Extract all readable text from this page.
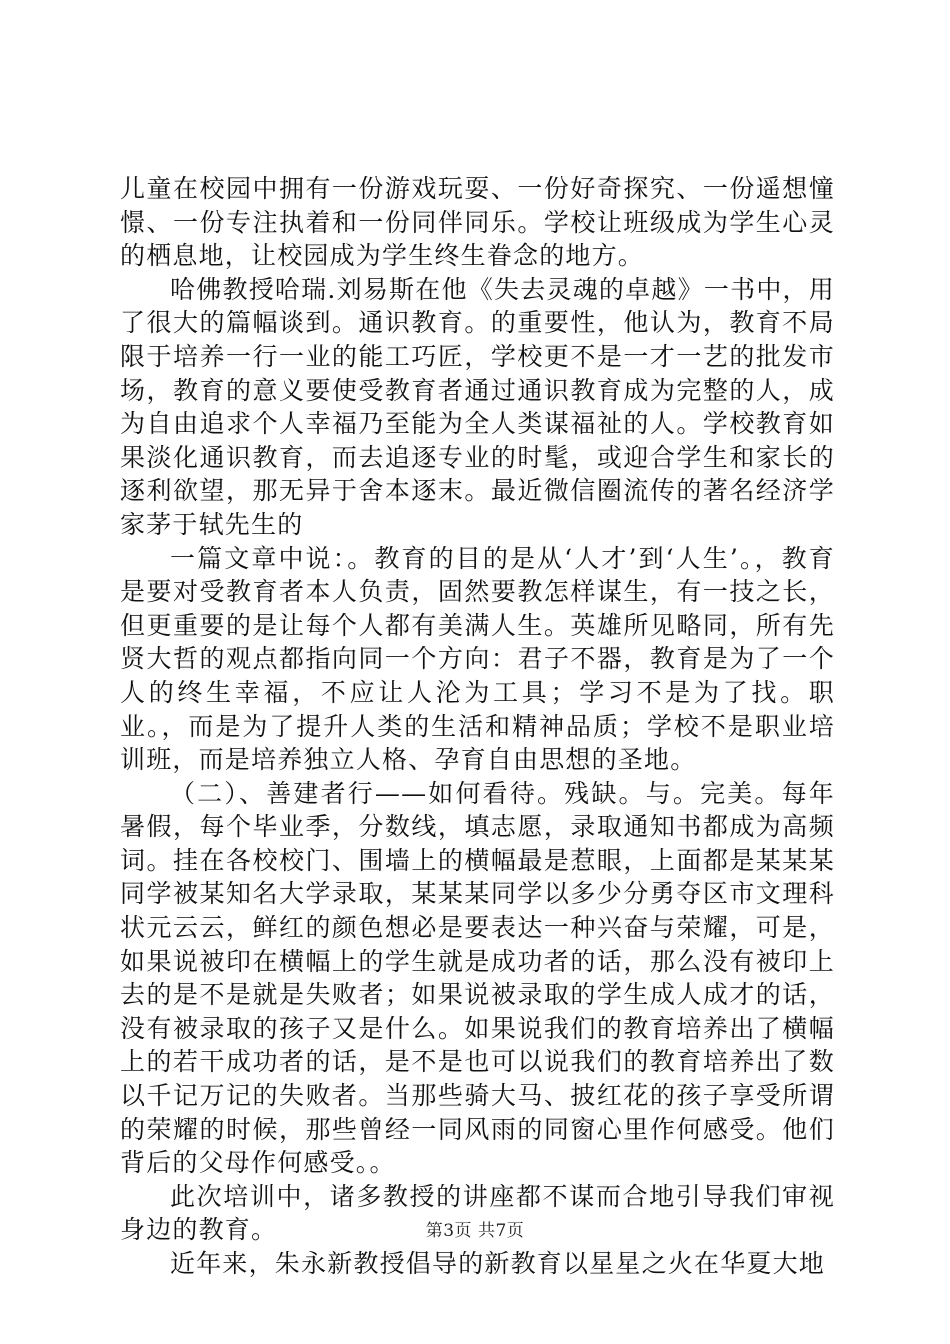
儿童在校园中拥有一份游戏玩耍、一份好奇探究、一份遥想憧憬、一份专注执着和一份同伴同乐。学校让班级成为学生心灵的栖息地，让校园成为学生终生眷念的地方。

哈佛教授哈瑞.刘易斯在他《失去灵魂的卓越》一书中，用了很大的篇幅谈到。通识教育。的重要性，他认为，教育不局限于培养一行一业的能工巧匠，学校更不是一才一艺的批发市场，教育的意义要使受教育者通过通识教育成为完整的人，成为自由追求个人幸福乃至能为全人类谋福祉的人。学校教育如果淡化通识教育，而去追逐专业的时髦，或迎合学生和家长的逐利欲望，那无异于舍本逐末。最近微信圈流传的著名经济学家茅于轼先生的

一篇文章中说：。教育的目的是从‘人才’到‘人生’。，教育是要对受教育者本人负责，固然要教怎样谋生，有一技之长，但更重要的是让每个人都有美满人生。英雄所见略同，所有先贤大哲的观点都指向同一个方向：君子不器，教育是为了一个人的终生幸福，不应让人沦为工具；学习不是为了找。职业。，而是为了提升人类的生活和精神品质；学校不是职业培训班，而是培养独立人格、孕育自由思想的圣地。

（二）、善建者行——如何看待。残缺。与。完美。每年暑假，每个毕业季，分数线，填志愿，录取通知书都成为高频词。挂在各校校门、围墙上的横幅最是惹眼，上面都是某某某同学被某知名大学录取，某某某同学以多少分勇夺区市文理科状元云云，鲜红的颜色想必是要表达一种兴奋与荣耀，可是，如果说被印在横幅上的学生就是成功者的话，那么没有被印上去的是不是就是失败者；如果说被录取的学生成人成才的话，没有被录取的孩子又是什么。如果说我们的教育培养出了横幅上的若干成功者的话，是不是也可以说我们的教育培养出了数以千记万记的失败者。当那些骑大马、披红花的孩子享受所谓的荣耀的时候，那些曾经一同风雨的同窗心里作何感受。他们背后的父母作何感受。。

此次培训中，诸多教授的讲座都不谋而合地引导我们审视身边的教育。

近年来，朱永新教授倡导的新教育以星星之火在华夏大地

第3页 共7页
